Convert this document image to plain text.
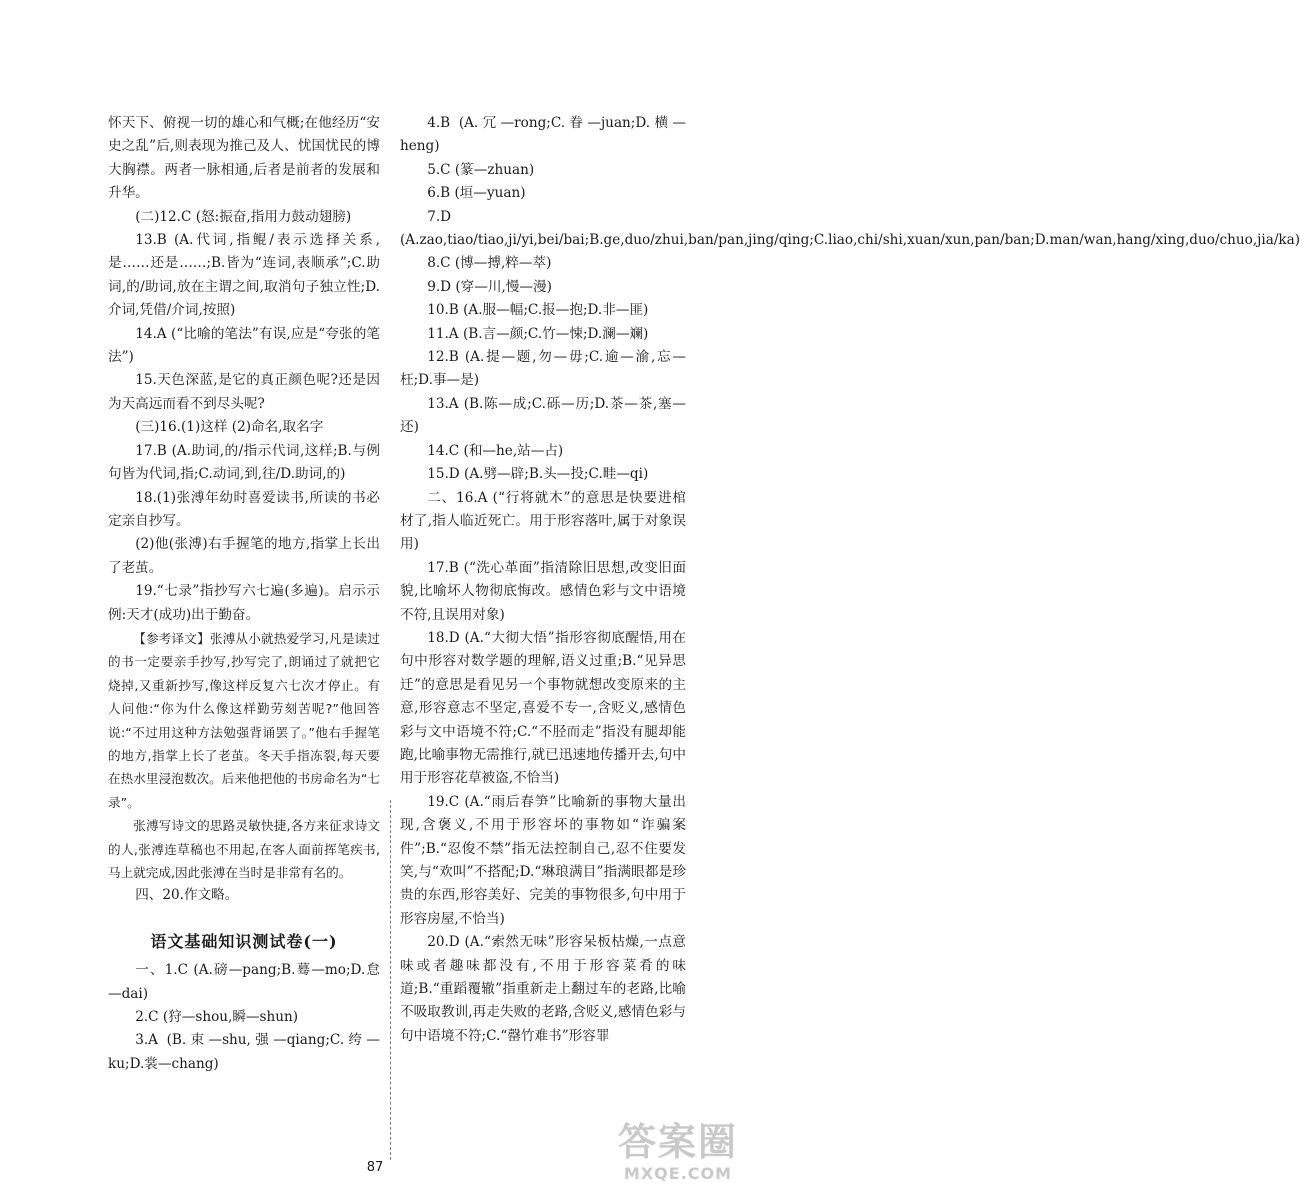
怀天下、俯视一切的雄心和气概;在他经历“安史之乱”后,则表现为推己及人、忧国忧民的博大胸襟。两者一脉相通,后者是前者的发展和升华。

(二)12.C (怒:振奋,指用力鼓动翅膀)

13.B (A.代词,指鲲/表示选择关系,是……还是……;B.皆为“连词,表顺承”;C.助词,的/助词,放在主谓之间,取消句子独立性;D.介词,凭借/介词,按照)

14.A (“比喻的笔法”有误,应是“夸张的笔法”)

15.天色深蓝,是它的真正颜色呢?还是因为天高远而看不到尽头呢?

(三)16.(1)这样 (2)命名,取名字

17.B (A.助词,的/指示代词,这样;B.与例句皆为代词,指;C.动词,到,往/D.助词,的)

18.(1)张溥年幼时喜爱读书,所读的书必定亲自抄写。

(2)他(张溥)右手握笔的地方,指掌上长出了老茧。

19.“七录”指抄写六七遍(多遍)。启示示例:天才(成功)出于勤奋。

【参考译文】张溥从小就热爱学习,凡是读过的书一定要亲手抄写,抄写完了,朗诵过了就把它烧掉,又重新抄写,像这样反复六七次才停止。有人问他:“你为什么像这样勤劳刻苦呢?”他回答说:“不过用这种方法勉强背诵罢了。”他右手握笔的地方,指掌上长了老茧。冬天手指冻裂,每天要在热水里浸泡数次。后来他把他的书房命名为“七录”。

张溥写诗文的思路灵敏快捷,各方来征求诗文的人,张溥连草稿也不用起,在客人面前挥笔疾书,马上就完成,因此张溥在当时是非常有名的。

四、20.作文略。

语文基础知识测试卷(一)

一、1.C (A.磅—pang;B.蓦—mo;D.怠—dai)

2.C (狩—shou,瞬—shun)

3.A (B.束—shu,强—qiang;C.绔—ku;D.裳—chang)

4.B (A.冗—rong;C.眷—juan;D.横—heng)

5.C (篆—zhuan)

6.B (垣—yuan)

7.D (A.zao,tiao/tiao,ji/yi,bei/bai;B.ge,duo/zhui,ban/pan,jing/qing;C.liao,chi/shi,xuan/xun,pan/ban;D.man/wan,hang/xing,duo/chuo,jia/ka)

8.C (博—搏,粹—萃)

9.D (穿—川,慢—漫)

10.B (A.服—幅;C.报—抱;D.非—匪)

11.A (B.言—颜;C.竹—悚;D.澜—斓)

12.B (A.提—题,勿—毋;C.逾—渝,忘—枉;D.事—是)

13.A (B.陈—成;C.砾—历;D.茶—茶,塞—还)

14.C (和—he,站—占)

15.D (A.劈—辟;B.头—投;C.畦—qi)

二、16.A (“行将就木”的意思是快要进棺材了,指人临近死亡。用于形容落叶,属于对象误用)

17.B (“洗心革面”指清除旧思想,改变旧面貌,比喻坏人物彻底悔改。感情色彩与文中语境不符,且误用对象)

18.D (A.“大彻大悟”指形容彻底醒悟,用在句中形容对数学题的理解,语义过重;B.“见异思迁”的意思是看见另一个事物就想改变原来的主意,形容意志不坚定,喜爱不专一,含贬义,感情色彩与文中语境不符;C.“不胫而走”指没有腿却能跑,比喻事物无需推行,就已迅速地传播开去,句中用于形容花草被盗,不恰当)

19.C (A.“雨后春笋”比喻新的事物大量出现,含褒义,不用于形容坏的事物如“诈骗案件”;B.“忍俊不禁”指无法控制自己,忍不住要发笑,与“欢叫”不搭配;D.“琳琅满目”指满眼都是珍贵的东西,形容美好、完美的事物很多,句中用于形容房屋,不恰当)

20.D (A.“索然无味”形容呆板枯燥,一点意味或者趣味都没有,不用于形容菜肴的味道;B.“重蹈覆辙”指重新走上翻过车的老路,比喻不吸取教训,再走失败的老路,含贬义,感情色彩与句中语境不符;C.“罄竹难书”形容罪

87
答案圈
MXQE.COM
